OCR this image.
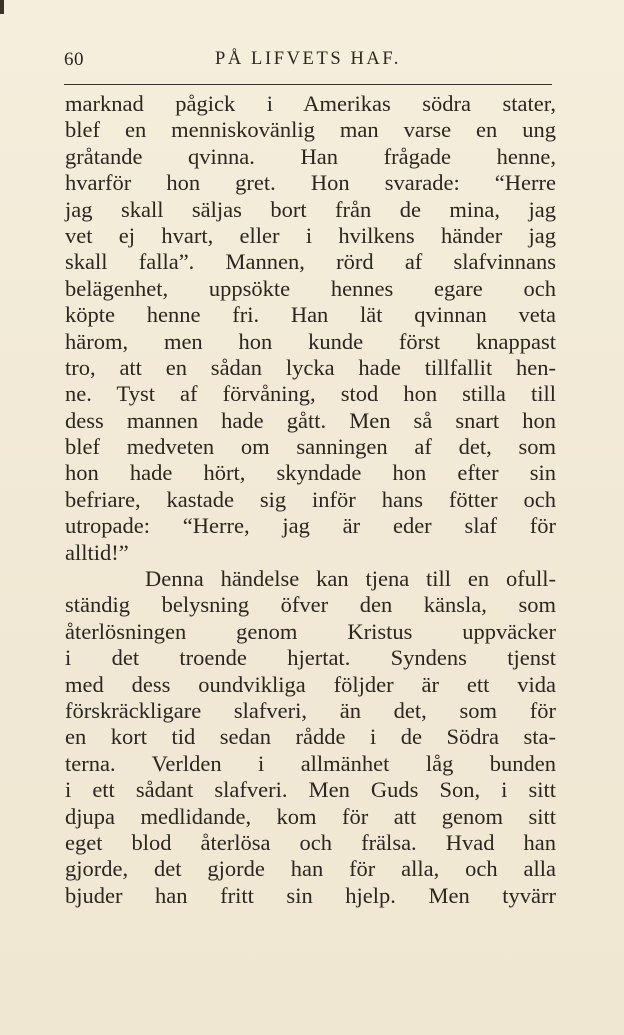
60	PÅ LIFVETS HAF.
marknad pågick i Amerikas södra stater,
blef en menniskovänlig man varse en ung
gråtande qvinna. Han frågade henne,
hvarför hon gret. Hon svarade: “Herre
jag skall säljas bort från de mina, jag
vet ej hvart, eller i hvilkens händer jag
skall falla”. Mannen, rörd af slafvinnans
belägenhet, uppsökte hennes egare och
köpte henne fri. Han lät qvinnan veta
härom, men hon kunde först knappast
tro, att en sådan lycka hade tillfallit hen-
ne. Tyst af förvåning, stod hon stilla till
dess mannen hade gått. Men så snart hon
blef medveten om sanningen af det, som
hon hade hört, skyndade hon efter sin
befriare, kastade sig inför hans fötter och
utropade: “Herre, jag är eder slaf för
alltid!”
Denna händelse kan tjena till en ofull-
ständig belysning öfver den känsla, som
återlösningen genom Kristus uppväcker
i det troende hjertat. Syndens tjenst
med dess oundvikliga följder är ett vida
förskräckligare slafveri, än det, som för
en kort tid sedan rådde i de Södra sta-
terna. Verlden i allmänhet låg bunden
i ett sådant slafveri. Men Guds Son, i sitt
djupa medlidande, kom för att genom sitt
eget blod återlösa och frälsa. Hvad han
gjorde, det gjorde han för alla, och alla
bjuder han fritt sin hjelp. Men tyvärr
